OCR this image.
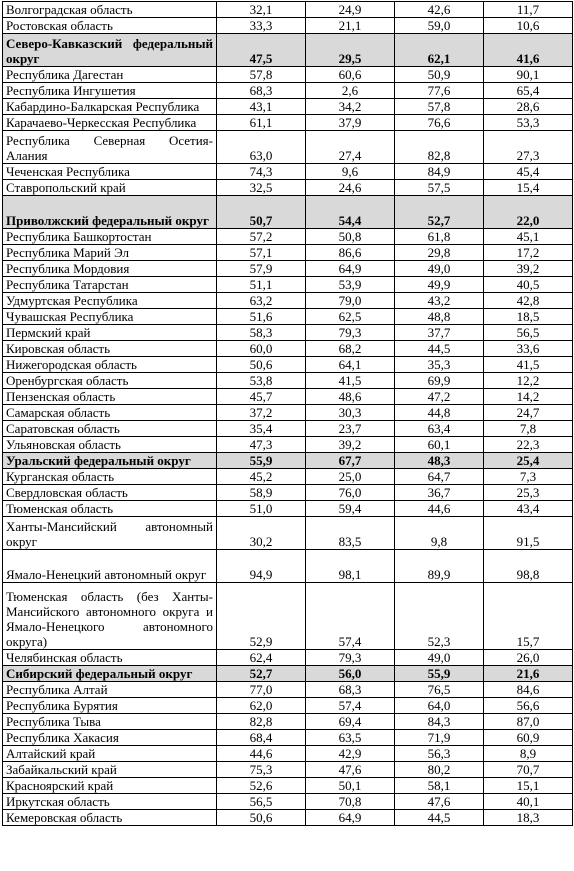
Волгоградская область	32,1	24,9	42,6	11,7
Ростовская область	33,3	21,1	59,0	10,6
Северо-Кавказский федеральный округ	47,5	29,5	62,1	41,6
Республика Дагестан	57,8	60,6	50,9	90,1
Республика Ингушетия	68,3	2,6	77,6	65,4
Кабардино-Балкарская Республика	43,1	34,2	57,8	28,6
Карачаево-Черкесская Республика	61,1	37,9	76,6	53,3
Республика Северная Осетия-Алания	63,0	27,4	82,8	27,3
Чеченская Республика	74,3	9,6	84,9	45,4
Ставропольский край	32,5	24,6	57,5	15,4
Приволжский федеральный округ	50,7	54,4	52,7	22,0
Республика Башкортостан	57,2	50,8	61,8	45,1
Республика Марий Эл	57,1	86,6	29,8	17,2
Республика Мордовия	57,9	64,9	49,0	39,2
Республика Татарстан	51,1	53,9	49,9	40,5
Удмуртская Республика	63,2	79,0	43,2	42,8
Чувашская Республика	51,6	62,5	48,8	18,5
Пермский край	58,3	79,3	37,7	56,5
Кировская область	60,0	68,2	44,5	33,6
Нижегородская область	50,6	64,1	35,3	41,5
Оренбургская область	53,8	41,5	69,9	12,2
Пензенская область	45,7	48,6	47,2	14,2
Самарская область	37,2	30,3	44,8	24,7
Саратовская область	35,4	23,7	63,4	7,8
Ульяновская область	47,3	39,2	60,1	22,3
Уральский федеральный округ	55,9	67,7	48,3	25,4
Курганская область	45,2	25,0	64,7	7,3
Свердловская область	58,9	76,0	36,7	25,3
Тюменская область	51,0	59,4	44,6	43,4
Ханты-Мансийский автономный округ	30,2	83,5	9,8	91,5
Ямало-Ненецкий автономный округ	94,9	98,1	89,9	98,8
Тюменская область (без Ханты-Мансийского автономного округа и Ямало-Ненецкого автономного округа)	52,9	57,4	52,3	15,7
Челябинская область	62,4	79,3	49,0	26,0
Сибирский федеральный округ	52,7	56,0	55,9	21,6
Республика Алтай	77,0	68,3	76,5	84,6
Республика Бурятия	62,0	57,4	64,0	56,6
Республика Тыва	82,8	69,4	84,3	87,0
Республика Хакасия	68,4	63,5	71,9	60,9
Алтайский край	44,6	42,9	56,3	8,9
Забайкальский край	75,3	47,6	80,2	70,7
Красноярский край	52,6	50,1	58,1	15,1
Иркутская область	56,5	70,8	47,6	40,1
Кемеровская область	50,6	64,9	44,5	18,3
